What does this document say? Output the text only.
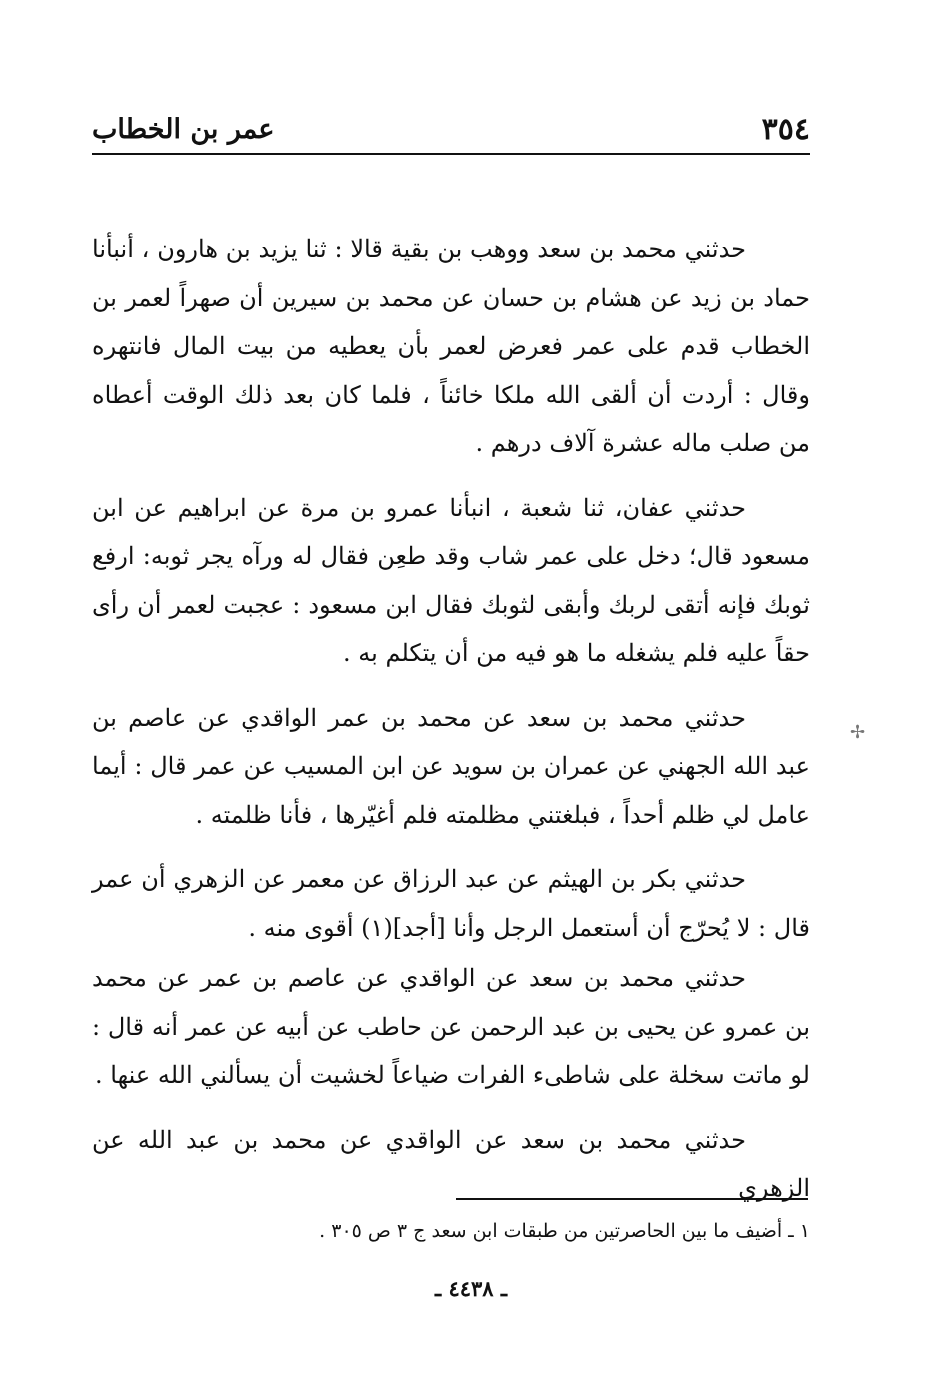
٣٥٤
عمر بن الخطاب

حدثني محمد بن سعد ووهب بن بقية قالا : ثنا يزيد بن هارون ، أنبأنا حماد بن زيد عن هشام بن حسان عن محمد بن سيرين أن صهراً لعمر بن الخطاب قدم على عمر فعرض لعمر بأن يعطيه من بيت المال فانتهره وقال : أردت أن ألقى الله ملكا خائناً ، فلما كان بعد ذلك الوقت أعطاه من صلب ماله عشرة آلاف درهم .

حدثني عفان، ثنا شعبة ، انبأنا عمرو بن مرة عن ابراهيم عن ابن مسعود قال؛ دخل على عمر شاب وقد طعِن فقال له ورآه يجر ثوبه: ارفع ثوبك فإنه أتقى لربك وأبقى لثوبك فقال ابن مسعود : عجبت لعمر أن رأى حقاً عليه فلم يشغله ما هو فيه من أن يتكلم به .

حدثني محمد بن سعد عن محمد بن عمر الواقدي عن عاصم بن عبد الله الجهني عن عمران بن سويد عن ابن المسيب عن عمر قال : أيما عامل لي ظلم أحداً ، فبلغتني مظلمته فلم أغيّرها ، فأنا ظلمته .

حدثني بكر بن الهيثم عن عبد الرزاق عن معمر عن الزهري أن عمر قال : لا يُحرّج أن أستعمل الرجل وأنا [أجد](١) أقوى منه .

حدثني محمد بن سعد عن الواقدي عن عاصم بن عمر عن محمد بن عمرو عن يحيى بن عبد الرحمن عن حاطب عن أبيه عن عمر أنه قال : لو ماتت سخلة على شاطىء الفرات ضياعاً لخشيت أن يسألني الله عنها .

حدثني محمد بن سعد عن الواقدي عن محمد بن عبد الله عن الزهري

✢
١ ـ أضيف ما بين الحاصرتين من طبقات ابن سعد ج ٣ ص ٣٠٥ .
ـ ٤٤٣٨ ـ
